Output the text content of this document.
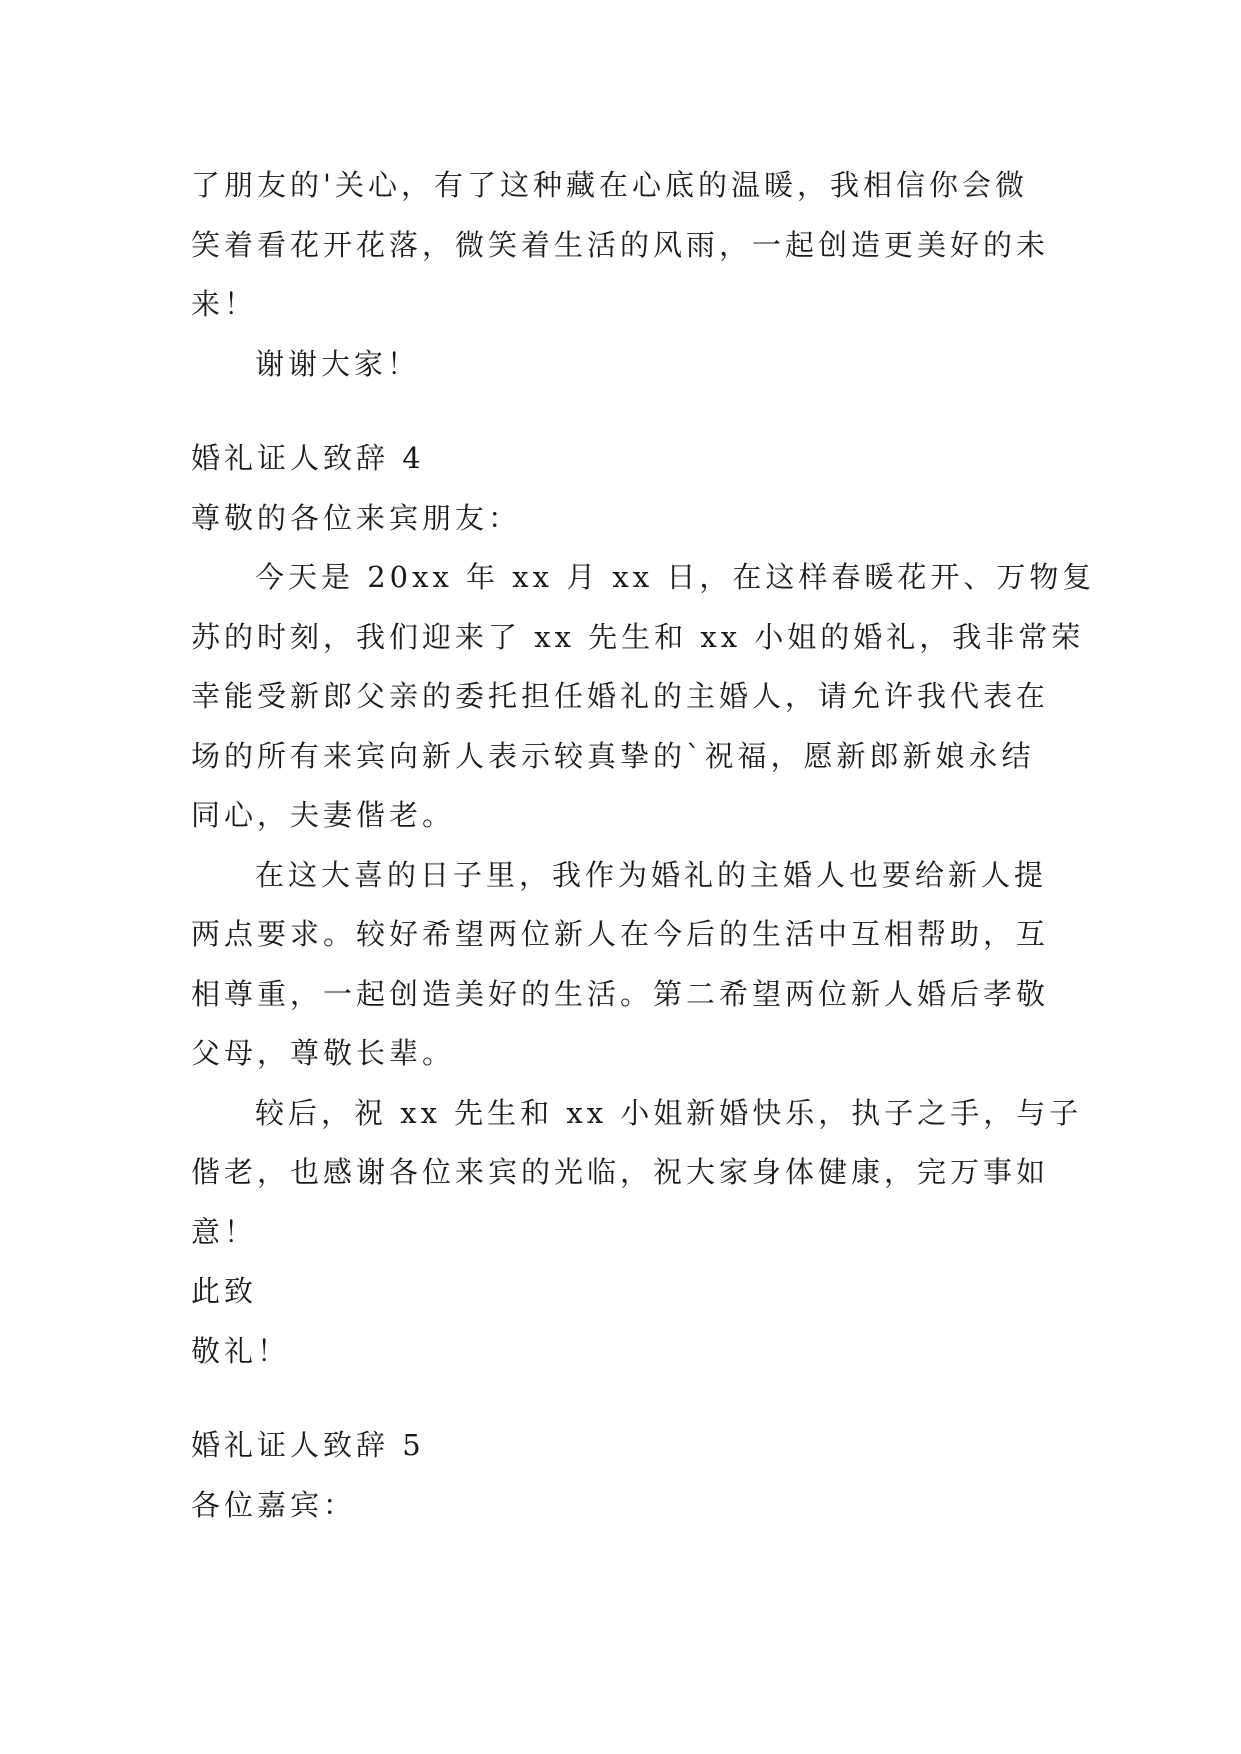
了朋友的'关心，有了这种藏在心底的温暖，我相信你会微
笑着看花开花落，微笑着生活的风雨，一起创造更美好的未
来！
谢谢大家！
婚礼证人致辞 4
尊敬的各位来宾朋友：
今天是 20xx 年 xx 月 xx 日，在这样春暖花开、万物复
苏的时刻，我们迎来了 xx 先生和 xx 小姐的婚礼，我非常荣
幸能受新郎父亲的委托担任婚礼的主婚人，请允许我代表在
场的所有来宾向新人表示较真挚的`祝福，愿新郎新娘永结
同心，夫妻偕老。
在这大喜的日子里，我作为婚礼的主婚人也要给新人提
两点要求。较好希望两位新人在今后的生活中互相帮助，互
相尊重，一起创造美好的生活。第二希望两位新人婚后孝敬
父母，尊敬长辈。
较后，祝 xx 先生和 xx 小姐新婚快乐，执子之手，与子
偕老，也感谢各位来宾的光临，祝大家身体健康，完万事如
意！
此致
敬礼！
婚礼证人致辞 5
各位嘉宾：
